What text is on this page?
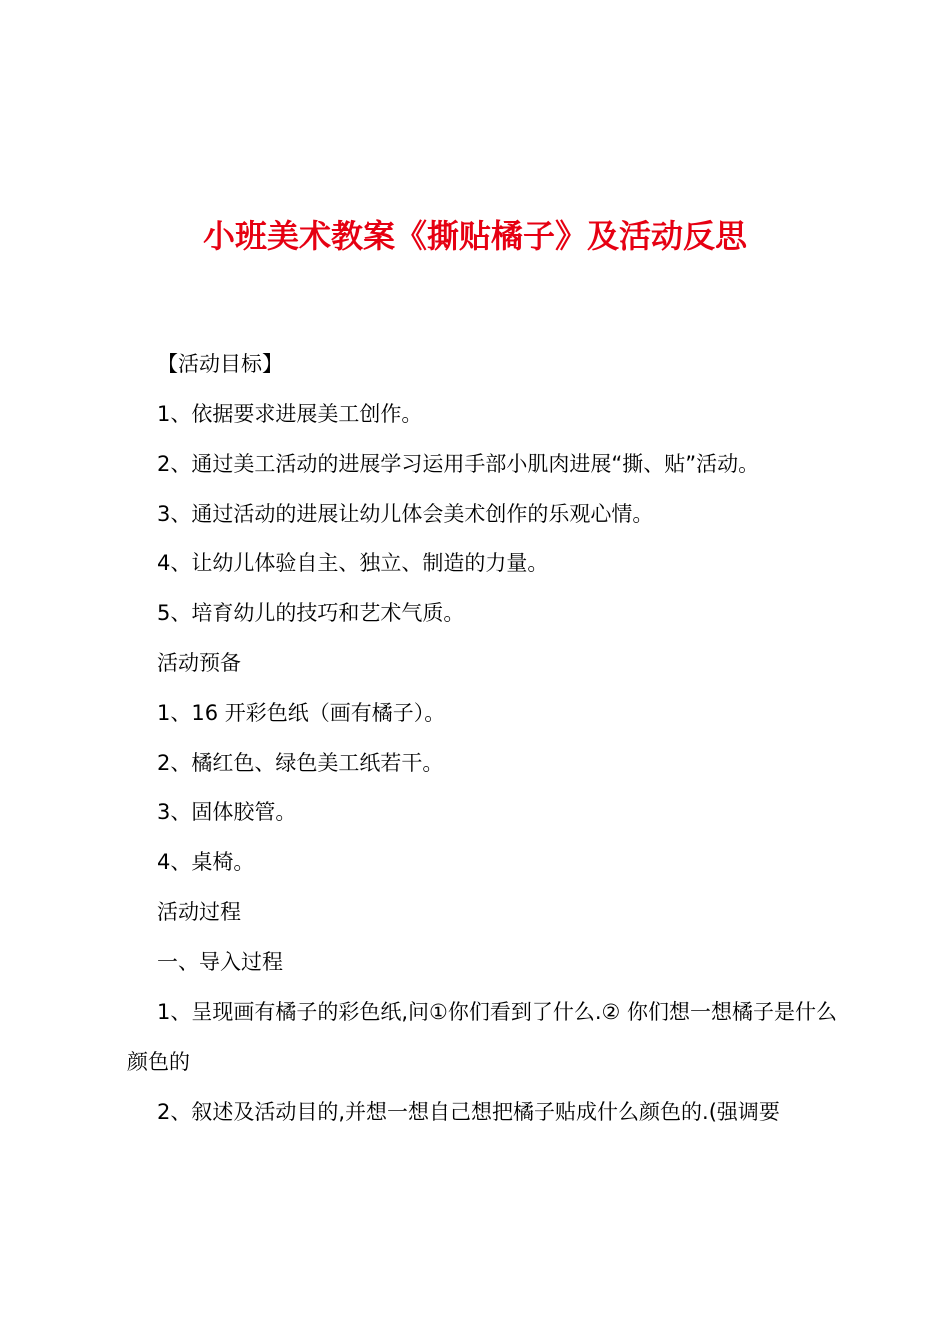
小班美术教案《撕贴橘子》及活动反思

【活动目标】

1、依据要求进展美工创作。

2、通过美工活动的进展学习运用手部小肌肉进展“撕、贴”活动。

3、通过活动的进展让幼儿体会美术创作的乐观心情。

4、让幼儿体验自主、独立、制造的力量。

5、培育幼儿的技巧和艺术气质。

活动预备

1、16 开彩色纸（画有橘子）。

2、橘红色、绿色美工纸若干。

3、固体胶管。

4、桌椅。

活动过程

一、导入过程

1、呈现画有橘子的彩色纸,问①你们看到了什么.② 你们想一想橘子是什么颜色的

2、叙述及活动目的,并想一想自己想把橘子贴成什么颜色的.(强调要
